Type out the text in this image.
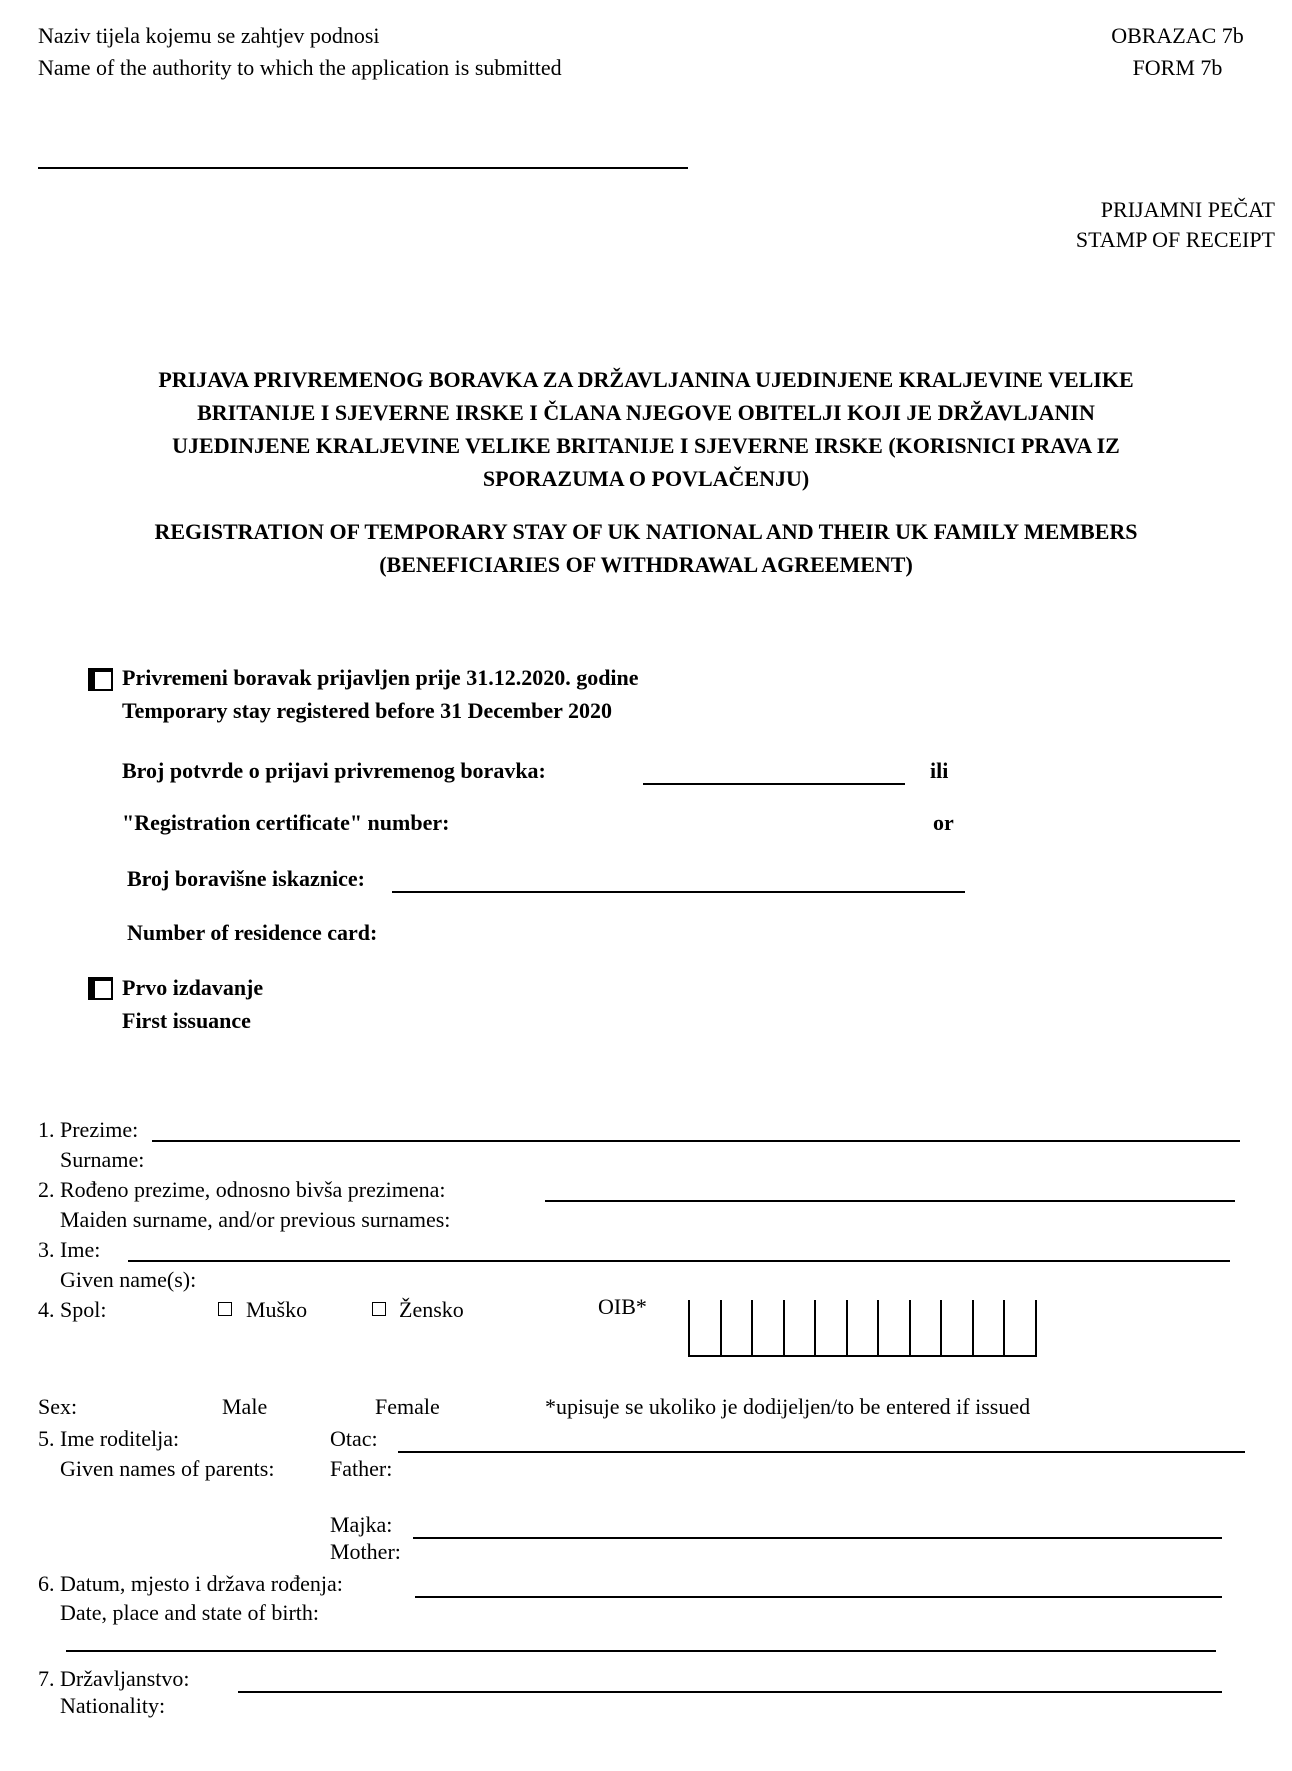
Naziv tijela kojemu se zahtjev podnosi
Name of the authority to which the application is submitted
OBRAZAC 7b
FORM 7b
PRIJAMNI PEČAT
STAMP OF RECEIPT
PRIJAVA PRIVREMENOG BORAVKA ZA DRŽAVLJANINA UJEDINJENE KRALJEVINE VELIKE
BRITANIJE I SJEVERNE IRSKE I ČLANA NJEGOVE OBITELJI KOJI JE DRŽAVLJANIN
UJEDINJENE KRALJEVINE VELIKE BRITANIJE I SJEVERNE IRSKE (KORISNICI PRAVA IZ
SPORAZUMA O POVLAČENJU)
REGISTRATION OF TEMPORARY STAY OF UK NATIONAL AND THEIR UK FAMILY MEMBERS
(BENEFICIARIES OF WITHDRAWAL AGREEMENT)
Privremeni boravak prijavljen prije 31.12.2020. godine
Temporary stay registered before 31 December 2020
Broj potvrde o prijavi privremenog boravka:	ili
"Registration certificate" number:	or
Broj boravišne iskaznice:
Number of residence card:
Prvo izdavanje
First issuance
1. Prezime:
Surname:
2. Rođeno prezime, odnosno bivša prezimena:
Maiden surname, and/or previous surnames:
3. Ime:
Given name(s):
4. Spol:	Muško	Žensko	OIB*
Sex:	Male	Female	*upisuje se ukoliko je dodijeljen/to be entered if issued
5. Ime roditelja:	Otac:
Given names of parents:	Father:
Majka:
Mother:
6. Datum, mjesto i država rođenja:
Date, place and state of birth:
7. Državljanstvo:
Nationality:
